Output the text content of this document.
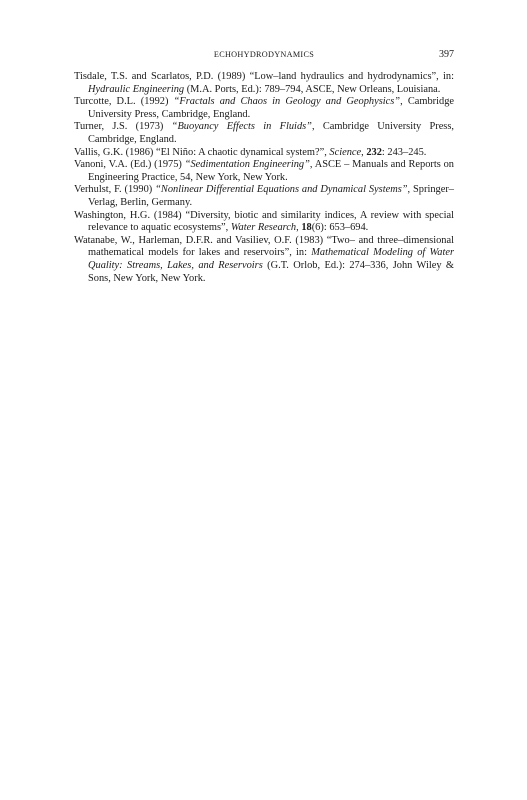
ECHOHYDRODYNAMICS	397
Tisdale, T.S. and Scarlatos, P.D. (1989) “Low–land hydraulics and hydrodynamics”, in: Hydraulic Engineering (M.A. Ports, Ed.): 789–794, ASCE, New Orleans, Louisiana.
Turcotte, D.L. (1992) “Fractals and Chaos in Geology and Geophysics”, Cambridge University Press, Cambridge, England.
Turner, J.S. (1973) “Buoyancy Effects in Fluids”, Cambridge University Press, Cambridge, England.
Vallis, G.K. (1986) “El Niño: A chaotic dynamical system?”, Science, 232: 243–245.
Vanoni, V.A. (Ed.) (1975) “Sedimentation Engineering”, ASCE – Manuals and Reports on Engineering Practice, 54, New York, New York.
Verhulst, F. (1990) “Nonlinear Differential Equations and Dynamical Systems”, Springer–Verlag, Berlin, Germany.
Washington, H.G. (1984) “Diversity, biotic and similarity indices, A review with special relevance to aquatic ecosystems”, Water Research, 18(6): 653–694.
Watanabe, W., Harleman, D.F.R. and Vasiliev, O.F. (1983) “Two– and three–dimensional mathematical models for lakes and reservoirs”, in: Mathematical Modeling of Water Quality: Streams, Lakes, and Reservoirs (G.T. Orlob, Ed.): 274–336, John Wiley & Sons, New York, New York.
